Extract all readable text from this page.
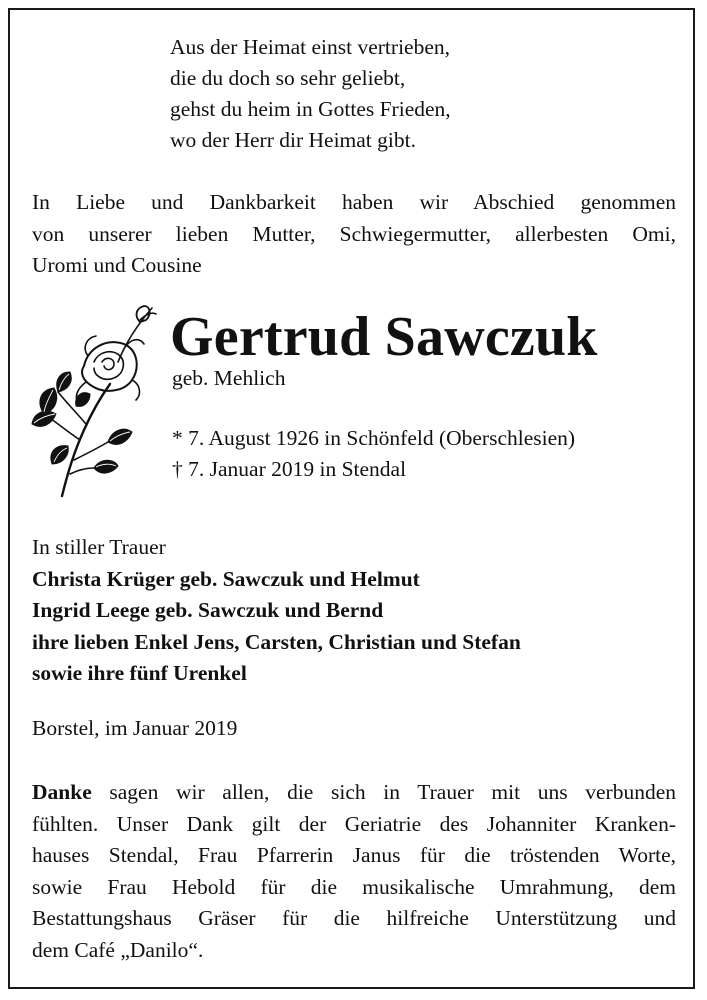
Aus der Heimat einst vertrieben,
die du doch so sehr geliebt,
gehst du heim in Gottes Frieden,
wo der Herr dir Heimat gibt.
In Liebe und Dankbarkeit haben wir Abschied genommen
von unserer lieben Mutter, Schwiegermutter, allerbesten Omi,
Uromi und Cousine
Gertrud Sawczuk
geb. Mehlich
* 7. August 1926 in Schönfeld (Oberschlesien)
† 7. Januar 2019 in Stendal
In stiller Trauer
Christa Krüger geb. Sawczuk und Helmut
Ingrid Leege geb. Sawczuk und Bernd
ihre lieben Enkel Jens, Carsten, Christian und Stefan
sowie ihre fünf Urenkel
Borstel, im Januar 2019
Danke sagen wir allen, die sich in Trauer mit uns verbunden
fühlten. Unser Dank gilt der Geriatrie des Johanniter Kranken-
hauses Stendal, Frau Pfarrerin Janus für die tröstenden Worte,
sowie Frau Hebold für die musikalische Umrahmung, dem
Bestattungshaus Gräser für die hilfreiche Unterstützung und
dem Café „Danilo“.
